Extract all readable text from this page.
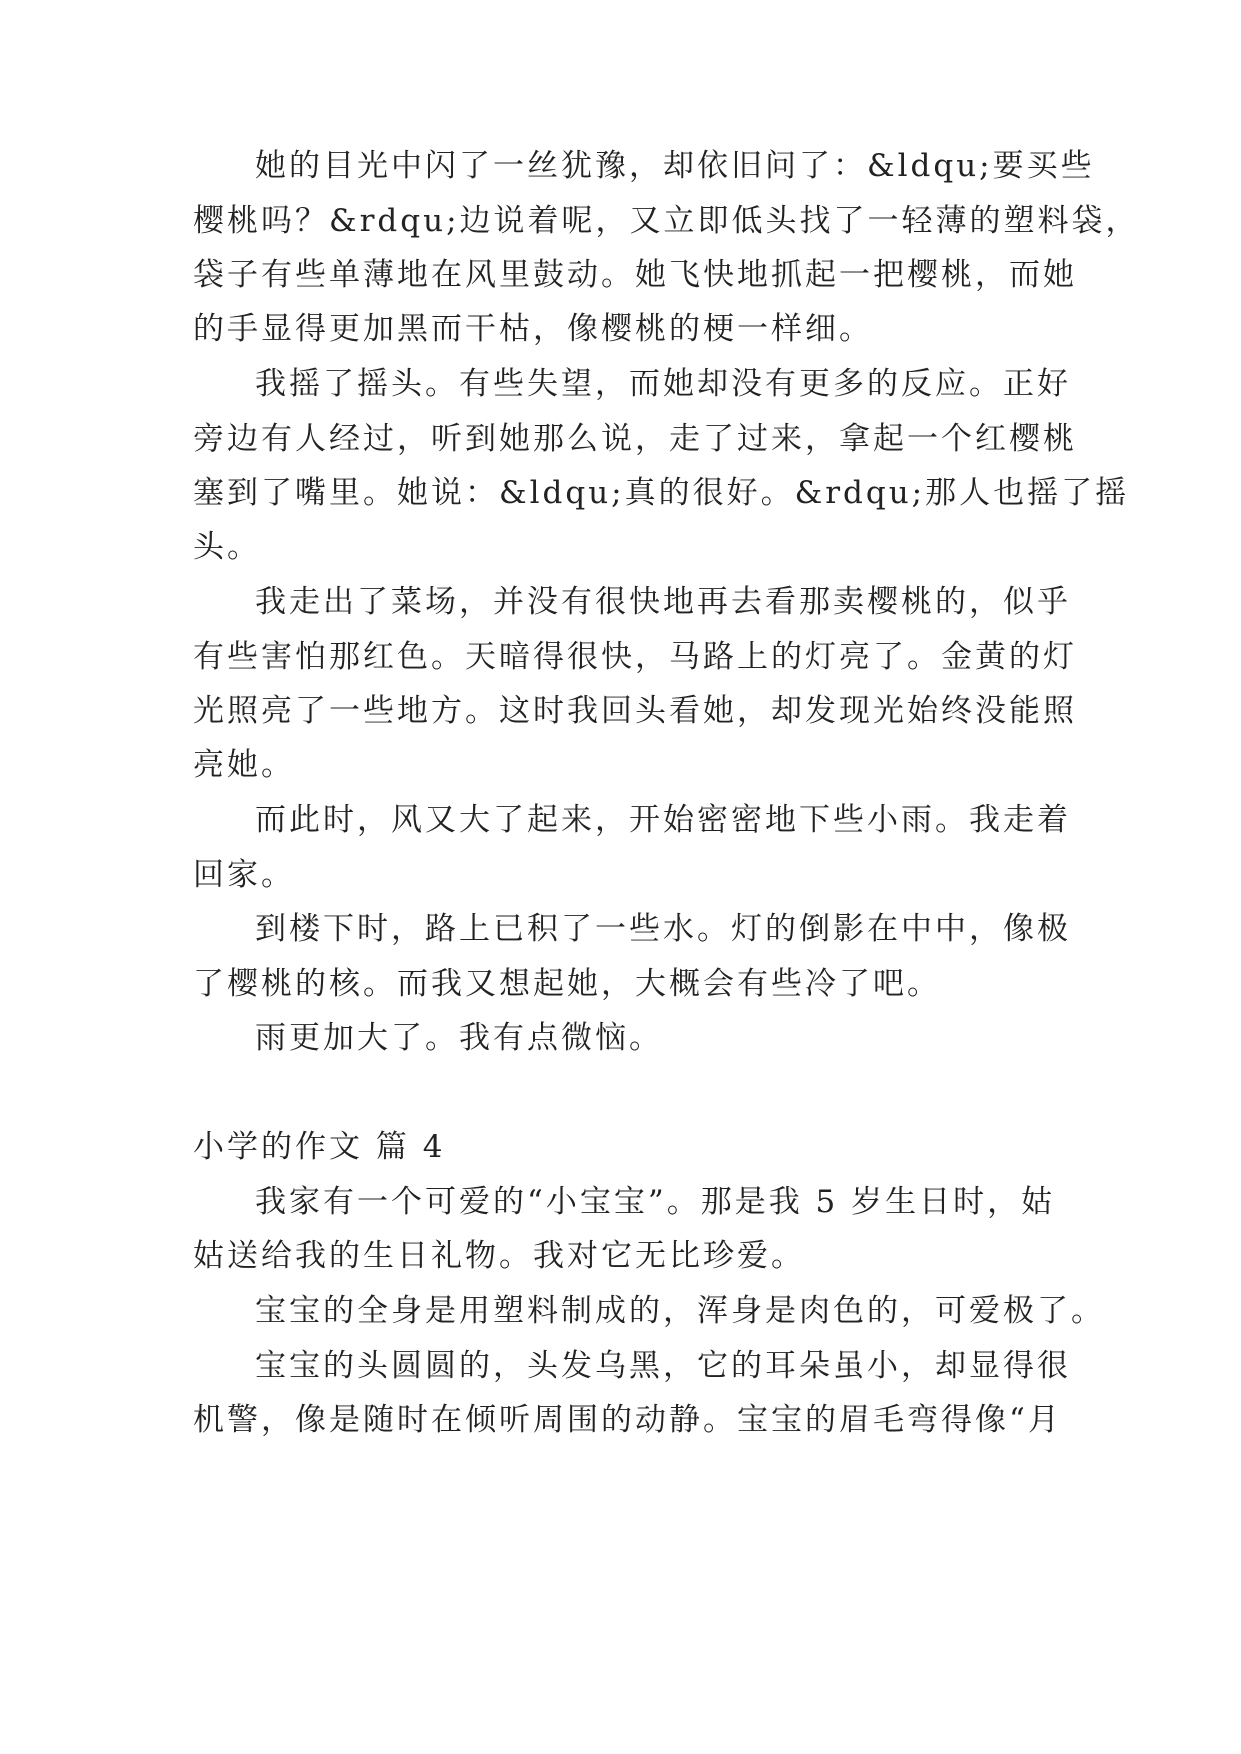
她的目光中闪了一丝犹豫，却依旧问了：&ldqu;要买些
樱桃吗？&rdqu;边说着呢，又立即低头找了一轻薄的塑料袋，
袋子有些单薄地在风里鼓动。她飞快地抓起一把樱桃，而她
的手显得更加黑而干枯，像樱桃的梗一样细。
我摇了摇头。有些失望，而她却没有更多的反应。正好
旁边有人经过，听到她那么说，走了过来，拿起一个红樱桃
塞到了嘴里。她说：&ldqu;真的很好。&rdqu;那人也摇了摇
头。
我走出了菜场，并没有很快地再去看那卖樱桃的，似乎
有些害怕那红色。天暗得很快，马路上的灯亮了。金黄的灯
光照亮了一些地方。这时我回头看她，却发现光始终没能照
亮她。
而此时，风又大了起来，开始密密地下些小雨。我走着
回家。
到楼下时，路上已积了一些水。灯的倒影在中中，像极
了樱桃的核。而我又想起她，大概会有些冷了吧。
雨更加大了。我有点微恼。
小学的作文 篇 4
我家有一个可爱的“小宝宝”。那是我 5 岁生日时，姑
姑送给我的生日礼物。我对它无比珍爱。
宝宝的全身是用塑料制成的，浑身是肉色的，可爱极了。
宝宝的头圆圆的，头发乌黑，它的耳朵虽小，却显得很
机警，像是随时在倾听周围的动静。宝宝的眉毛弯得像“月
